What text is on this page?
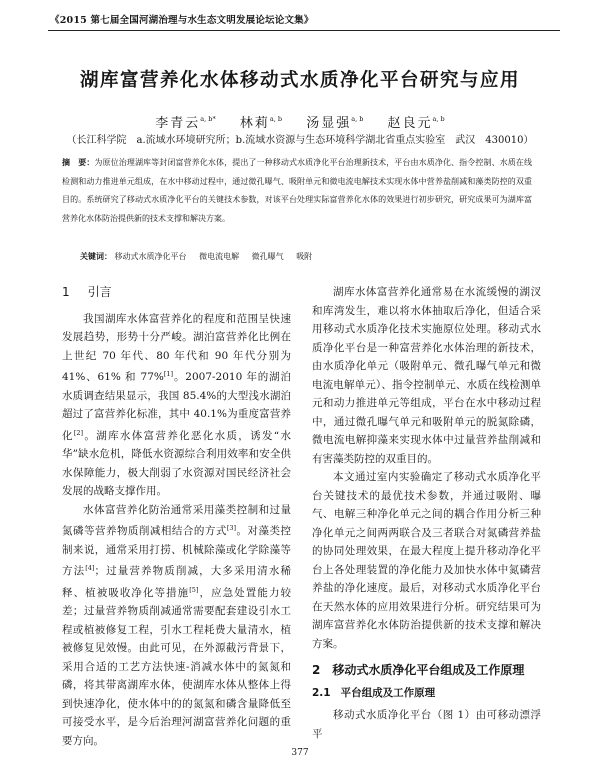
《2015 第七届全国河湖治理与水生态文明发展论坛论文集》
湖库富营养化水体移动式水质净化平台研究与应用
李青云$^{a, b*}$ 林莉$^{a, b}$ 汤显强$^{a, b}$ 赵良元$^{a, b}$
（长江科学院　a.流域水环境研究所；b.流域水资源与生态环境科学湖北省重点实验室　武汉　430010）
摘　要：为原位治理湖库等封闭富营养化水体，提出了一种移动式水质净化平台治理新技术，平台由水质净化、指令控制、水质在线检测和动力推进单元组成，在水中移动过程中，通过微孔曝气、吸附单元和微电流电解技术实现水体中营养盐削减和藻类防控的双重目的。系统研究了移动式水质净化平台的关键技术参数，对该平台处理实际富营养化水体的效果进行初步研究，研究成果可为湖库富营养化水体防治提供新的技术支撑和解决方案。
关键词： 移动式水质净化平台 微电流电解 微孔曝气 吸附
1 引言

我国湖库水体富营养化的程度和范围呈快速发展趋势，形势十分严峻。湖泊富营养化比例在上世纪 70 年代、80 年代和 90 年代分别为 41%、61% 和 77%[1]。2007-2010 年的湖泊水质调查结果显示，我国 85.4%的大型浅水湖泊超过了富营养化标准，其中 40.1%为重度富营养化[2]。湖库水体富营养化恶化水质，诱发“水华”缺水危机，降低水资源综合利用效率和安全供水保障能力，极大削弱了水资源对国民经济社会发展的战略支撑作用。

水体富营养化防治通常采用藻类控制和过量氮磷等营养物质削减相结合的方式[3]。对藻类控制来说，通常采用打捞、机械除藻或化学除藻等方法[4]；过量营养物质削减，大多采用清水稀释、植被吸收净化等措施[5]，应急处置能力较差；过量营养物质削减通常需要配套建设引水工程或植被修复工程，引水工程耗费大量清水，植被修复见效慢。由此可见，在外源截污背景下，采用合适的工艺方法快速-消减水体中的氮氮和磷，将其带离湖库水体，使湖库水体从整体上得到快速净化，使水体中的的氮氮和磷含量降低至可接受水平，是今后治理河湖富营养化问题的重要方向。

湖库水体富营养化通常易在水流缓慢的湖汊和库湾发生，难以将水体抽取后净化，但适合采用移动式水质净化技术实施原位处理。移动式水质净化平台是一种富营养化水体治理的新技术，由水质净化单元（吸附单元、微孔曝气单元和微电流电解单元）、指令控制单元、水质在线检测单元和动力推进单元等组成，平台在水中移动过程中，通过微孔曝气单元和吸附单元的脱氮除磷，微电流电解抑藻来实现水体中过量营养盐削减和有害藻类防控的双重目的。

本文通过室内实验确定了移动式水质净化平台关键技术的最优技术参数，并通过吸附、曝气、电解三种净化单元之间的耦合作用分析三种净化单元之间两两联合及三者联合对氮磷营养盐的协同处理效果，在最大程度上提升移动净化平台上各处理装置的净化能力及加快水体中氮磷营养盐的净化速度。最后，对移动式水质净化平台在天然水体的应用效果进行分析。研究结果可为湖库富营养化水体防治提供新的技术支撑和解决方案。

2 移动式水质净化平台组成及工作原理
2.1 平台组成及工作原理

移动式水质净化平台（图 1）由可移动漂浮平

377
